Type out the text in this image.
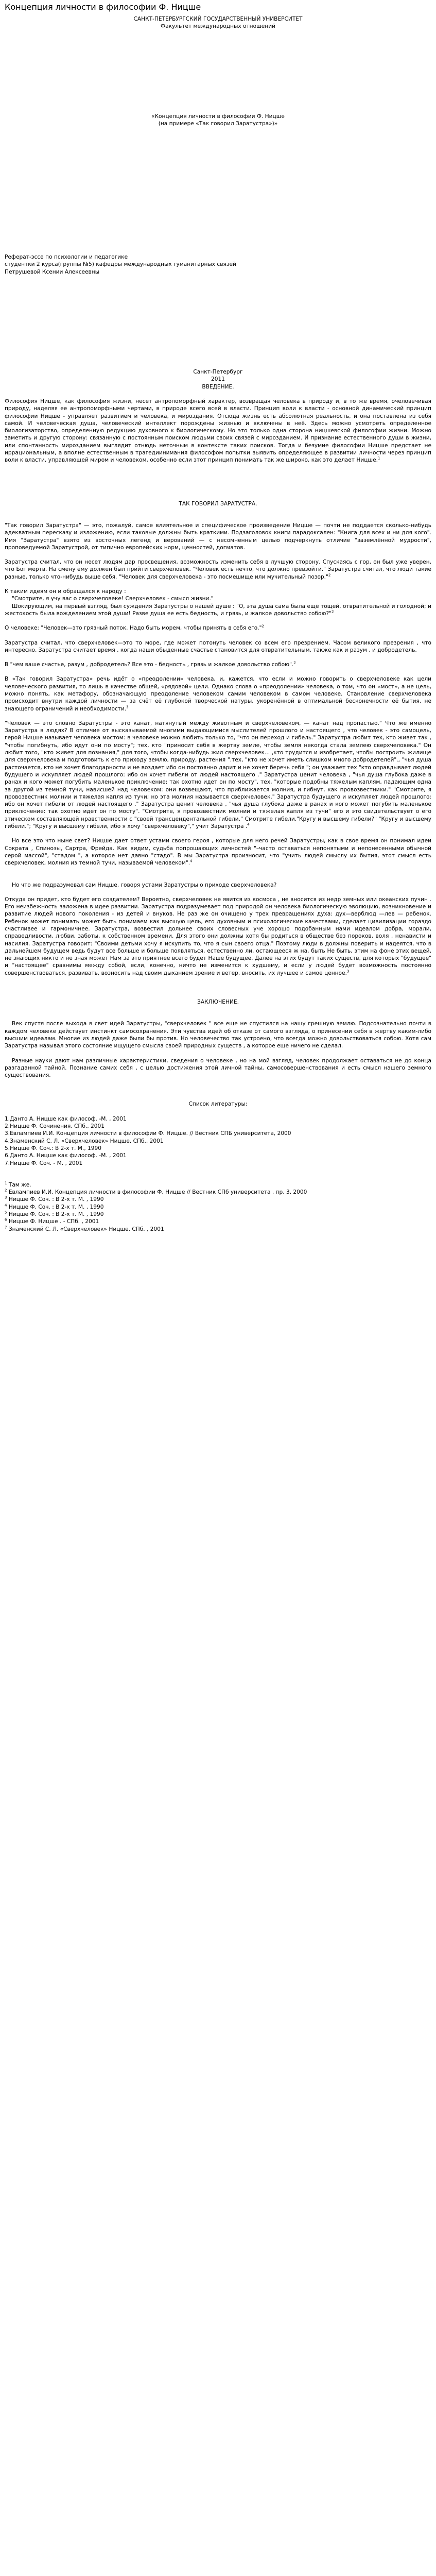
Концепция личности в философии Ф. Ницше

САНКТ-ПЕТЕРБУРГСКИЙ ГОСУДАРСТВЕННЫЙ УНИВЕРСИТЕТ

Факультет международных отношений

«Концепция личности в философии Ф. Ницше

(на примере «Так говорил Заратустра»)»

Реферат-эссе по психологии и педагогике

студентки 2 курса(группы №5) кафедры международных гуманитарных связей

Петрушевой Ксении Алексеевны

Санкт-Петербург

2011

ВВЕДЕНИЕ.

Философия Ницше, как философия жизни, несет антропоморфный характер, возвращая человека в природу и, в то же время, очеловечивая природу, наделяя ее антропоморфными чертами, в природе всего всей в власти. Принцип воли к власти - основной динамический принцип философии Ницше - управляет развитием и человека, и мироздания. Отсюда жизнь есть абсолютная реальность, и она поставлена из себя самой. И человеческая душа, человеческий интеллект порождены жизнью и включены в неё. Здесь можно усмотреть определенное биологизаторство, определенную редукцию духовного к биологическому. Но это только одна сторона ницшевской философии жизни. Можно заметить и другую сторону: связанную с постоянным поиском людьми своих связей с мирозданием. И признание естественного души в жизни, или спонтанность мирозданием выглядит отнюдь неточным в контексте таких поисков. Тогда и безумие философии Ницше предстает не иррациональным, а вполне естественным в трагедиинимания философом попытки выявить определяющее в развитии личности через принцип воли к власти, управляющей миром и человеком, особенно если этот принцип понимать так же широко, как это делает Ницше.$^1$

ТАК ГОВОРИЛ ЗАРАТУСТРА.

"Так говорил Заратустра" — это, пожалуй, самое влиятельное и специфическое произведение Ницше — почти не поддается сколько-нибудь адекватным пересказу и изложению, если таковые должны быть краткими. Подзаголовок книги парадоксален: "Книга для всех и ни для кого". Имя "Заратустра" взято из восточных легенд и верований — с несомненным целью подчеркнуть отличие "заземлённой мудрости", проповедуемой Заратустрой, от типично европейских норм, ценностей, догматов.

Заратустра считал, что он несет людям дар просвещения, возможность изменить себя в лучшую сторону. Спускаясь с гор, он был уже уверен, что Бог мертв. На смену ему должен был прийти сверхчеловек. "Человек есть нечто, что должно превзойти." Заратустра считал, что люди такие разные, только что-нибудь выше себя. "Человек для сверхчеловека - это посмешище или мучительный позор."$^2$

К таким идеям он и обращался к народу :

"Смотрите, я учу вас о сверхчеловеке! Сверхчеловек - смысл жизни."

Шокирующим, на первый взгляд, был суждения Заратустры о нашей душе : "О, эта душа сама была ещё тощей, отвратительной и голодной; и жестокость была вожделением этой души! Разве душа ее есть бедность, и грязь, и жалкое довольство собою?"$^2$

О человеке: "Человек—это грязный поток. Надо быть морем, чтобы принять в себя его."$^2$

Заратустра считал, что сверхчеловек—это то море, где может потонуть человек со всем его презрением. Часом великого презрения , что интересно, Заратустра считает время , когда наши обыденные счастье становится для отвратительным, также как и разум , и добродетель.

В "чем ваше счастье, разум , добродетель? Все это - бедность , грязь и жалкое довольство собою".$^2$

В «Так говорил Заратустра» речь идёт о «преодолении» человека, и, кажется, что если и можно говорить о сверхчеловеке как цели человеческого развития, то лишь в качестве общей, «рядовой» цели. Однако слова о «преодолении» человека, о том, что он «мост», а не цель, можно понять, как метафору, обозначающую преодоление человеком самим человеком в самом человеке. Становление сверхчеловека происходит внутри каждой личности — за счёт её глубокой творческой натуры, укоренённой в оптимальной бесконечности её бытия, не знающего ограничений и необходимости.$^3$

"Человек — это словно Заратустры - это канат, натянутый между животным и сверхчеловеком, — канат над пропастью." Что же именно Заратустра в людях? В отличие от высказываемой многими выдающимися мыслителей прошлого и настоящего , что человек - это самоцель, герой Ницше называет человека мостом: в человеке можно любить только то, "что он переход и гибель." Заратустра любит тех, кто живет так , "чтобы погибнуть, ибо идут они по мосту"; тех, кто "приносит себя в жертву земле, чтобы земля некогда стала землею сверхчеловека." Он любит того, "кто живет для познания," для того, чтобы когда-нибудь жил сверхчеловек... ,кто трудится и изобретает, чтобы построить жилище для сверхчеловека и подготовить к его приходу землю, природу, растения ".тех, "кто не хочет иметь слишком много добродетелей"., "чья душа расточается, кто не хочет благодарности и не воздает ибо он постоянно дарит и не хочет беречь себя "; он уважает тех "кто оправдывает людей будущего и искупляет людей прошлого: ибо он хочет гибели от людей настоящего ." Заратустра ценит человека , "чья душа глубока даже в ранах и кого может погубить маленькое приключение: так охотно идет он по мосту", тех, "которые подобны тяжелым каплям, падающим одна за другой из темной тучи, нависшей над человеком: они возвещают, что приближается молния, и гибнут, как провозвестники." "Смотрите, я провозвестник молнии и тяжелая капля из тучи; но эта молния называется сверхчеловек." Заратустра будущего и искупляет людей прошлого: ибо он хочет гибели от людей настоящего ." Заратустра ценит человека , "чья душа глубока даже в ранах и кого может погубить маленькое приключение: так охотно идет он по мосту". "Смотрите, я провозвестник молнии и тяжелая капля из тучи" его и это свидетельствует о его этическом составляющей нравственности с "своей трансцендентальной гибели." Смотрите гибели."Кругу и высшему гибели?" "Кругу и высшему гибели."; "Кругу и высшему гибели, ибо я хочу "сверхчеловеку"," учит Заратустра .$^4$

Но все это что ныне свет? Ницше дает ответ устами своего героя , которые для него речей Заратустры, как в свое время он понимал идеи Сократа , Спинозы, Сартра, Фрейда. Как видим, судьба попрошающих личностей "–часто оставаться непонятыми и непонесенными обычной серой массой", "стадом ", а которое нет давно "стадо". В мы Заратустра произносит, что "учить людей смыслу их бытия, этот смысл есть сверхчеловек, молния из темной тучи, называемой человеком".$^4$

Но что же подразумевал сам Ницше, говоря устами Заратустры о приходе сверхчеловека?

Откуда он придет, кто будет его создателем? Вероятно, сверхчеловек не явится из космоса , не вносится из недр земных или океанских пучин . Его неизбежность заложена в идее развитии. Заратустра подразумевает под природой он человека биологическую эволюцию, возникновение и развитие людей нового поколения - из детей и внуков. Не раз же он очищено у трех превращениях духа: дух—верблюд —лев — ребенок. Ребенок может понимать может быть понимаем как высшую цель, его духовным и психологические качествами, сделает цивилизации гораздо счастливее и гармоничнее. Заратустра, возвестил дольнее своих словесных уче хорошо подобанным нами идеалом добра, морали, справедливости, любви, заботы, к собственном времени. Для этого они должны хотя бы родиться в обществе без пороков, воля , ненависти и насилия. Заратустра говорит: "Своими детьми хочу я искупить то, что я сын своего отца." Поэтому люди в должны поверить и надеятся, что в дальнейшем будущем ведь будут все больше и больше появляться, естественно ли, остающееся ж на, быть Не быть, этим на фоне этих вещей, не знающих никто и не зная может Нам за это приятнее всего будет Наше будущее. Далее на этих будут таких существ, для которых "будущее" и "настоящее" сравнимы между собой, если, конечно, ничто не изменится к худшему, и если у людей будет возможность постоянно совершенствоваться, развивать, возносить над своим дыханием зрение и ветер, вносить, их лучшее и самое ценное.$^3$

ЗАКЛЮЧЕНИЕ.

Век спустя после выхода в свет идей Заратустры, "сверхчеловек " все еще не спустился на нашу грешную землю. Подсознательно почти в каждом человеке действует инстинкт самосохранения. Эти чувства идей об отказе от самого взгляда, о принесении себя в жертву каким-либо высшим идеалам. Многие из людей даже были бы против. Но человечество так устроено, что всегда можно довольствоваться собою. Хотя сам Заратустра называл этого состояние ищущего смысла своей природных существ , а которое еще ничего не сделал.

Разные науки дают нам различные характеристики, сведения о человеке , но на мой взгляд, человек продолжает оставаться не до конца разгаданной тайной. Познание самих себя , с целью достижения этой личной тайны, самосовершенствования и есть смысл нашего земного существования.

Список литературы:

1.Данто А. Ницше как философ. -М. , 2001

2.Ницше Ф. Сочинения. СПб., 2001

3.Евлампиев И.И. Концепция личности в философии Ф. Ницше. // Вестник СПБ университета, 2000

4.Знаменский С. Л. «Сверхчеловек» Ницше. СПб., 2001

5.Ницше Ф. Соч.: В 2-х т. М., 1990

6.Данто А. Ницше как философ. -М. , 2001

7.Ницше Ф. Соч. - М. , 2001

$^1$ Там же.

$^2$ Евлампиев И.И. Концепция личности в философии Ф. Ницше // Вестник СПб университета , пр. 3, 2000

$^3$ Ницше Ф. Соч. : В 2-х т. М. , 1990

$^4$ Ницше Ф. Соч. : В 2-х т. М. , 1990

$^5$ Ницше Ф. Соч. : В 2-х т. М. , 1990

$^6$ Ницше Ф. Ницше . - СПб. , 2001

$^7$ Знаменский С. Л. «Сверхчеловек» Ницше. СПб. , 2001
